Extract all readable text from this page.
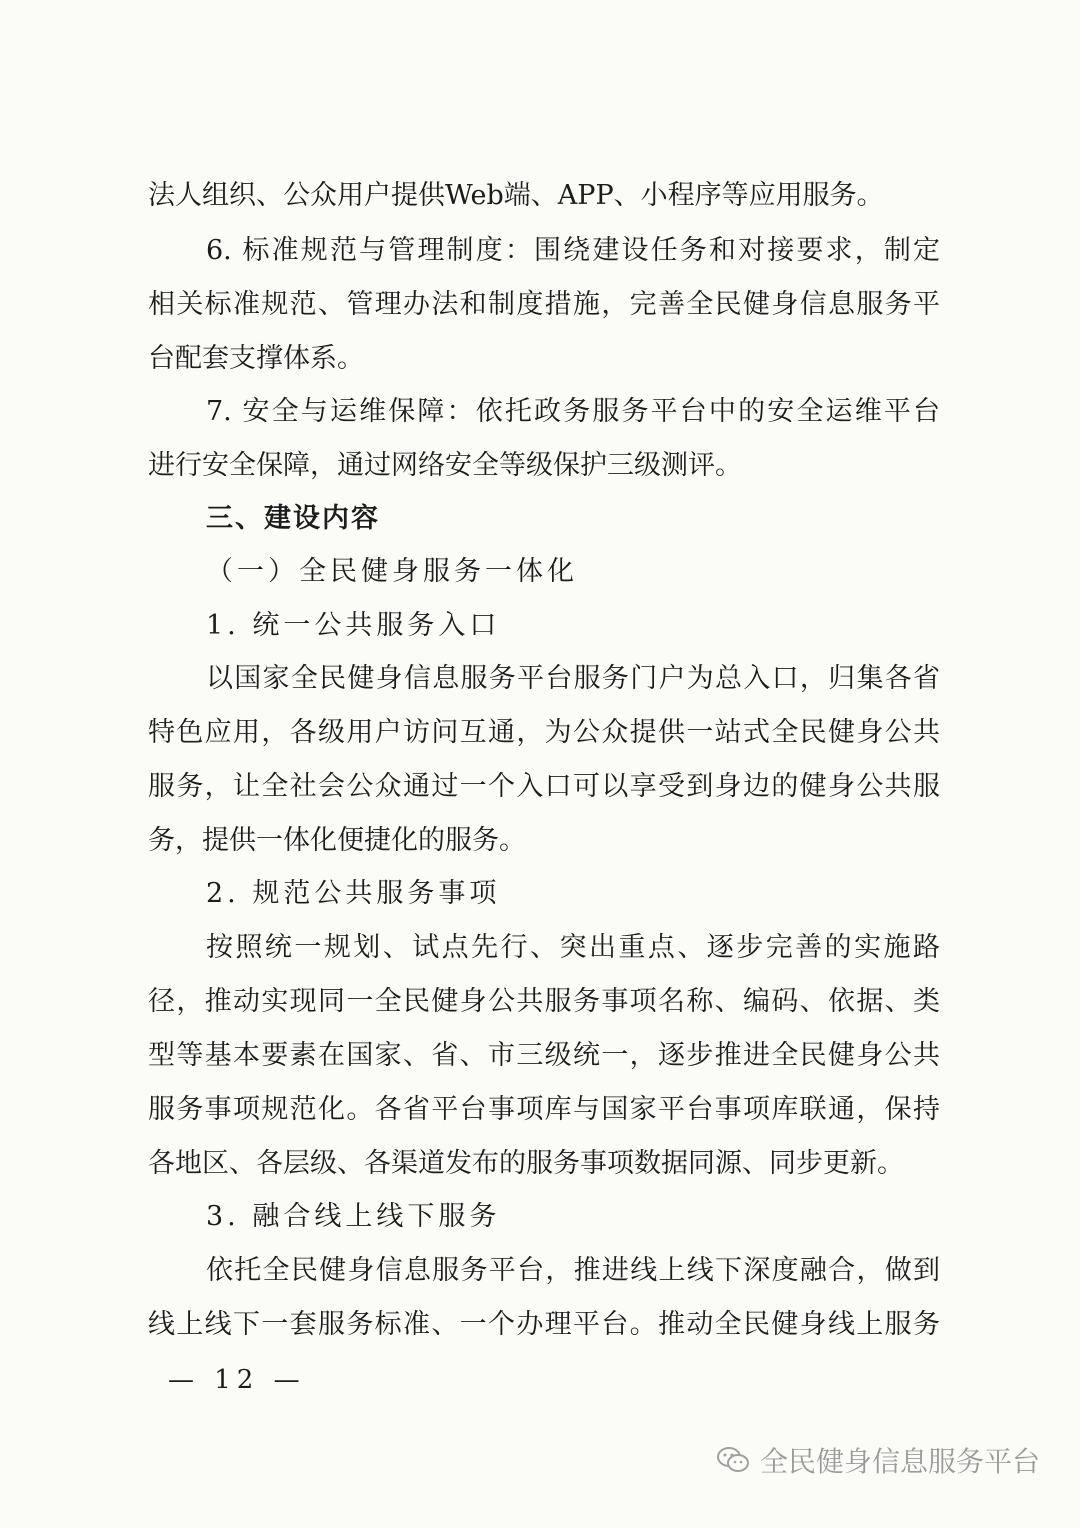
法人组织、公众用户提供Web端、APP、小程序等应用服务。
6. 标准规范与管理制度：围绕建设任务和对接要求，制定
相关标准规范、管理办法和制度措施，完善全民健身信息服务平
台配套支撑体系。
7. 安全与运维保障：依托政务服务平台中的安全运维平台
进行安全保障，通过网络安全等级保护三级测评。
三、建设内容
（一）全民健身服务一体化
1. 统一公共服务入口
以国家全民健身信息服务平台服务门户为总入口，归集各省
特色应用，各级用户访问互通，为公众提供一站式全民健身公共
服务，让全社会公众通过一个入口可以享受到身边的健身公共服
务，提供一体化便捷化的服务。
2. 规范公共服务事项
按照统一规划、试点先行、突出重点、逐步完善的实施路
径，推动实现同一全民健身公共服务事项名称、编码、依据、类
型等基本要素在国家、省、市三级统一，逐步推进全民健身公共
服务事项规范化。各省平台事项库与国家平台事项库联通，保持
各地区、各层级、各渠道发布的服务事项数据同源、同步更新。
3. 融合线上线下服务
依托全民健身信息服务平台，推进线上线下深度融合，做到
线上线下一套服务标准、一个办理平台。推动全民健身线上服务
— 12 —
全民健身信息服务平台
